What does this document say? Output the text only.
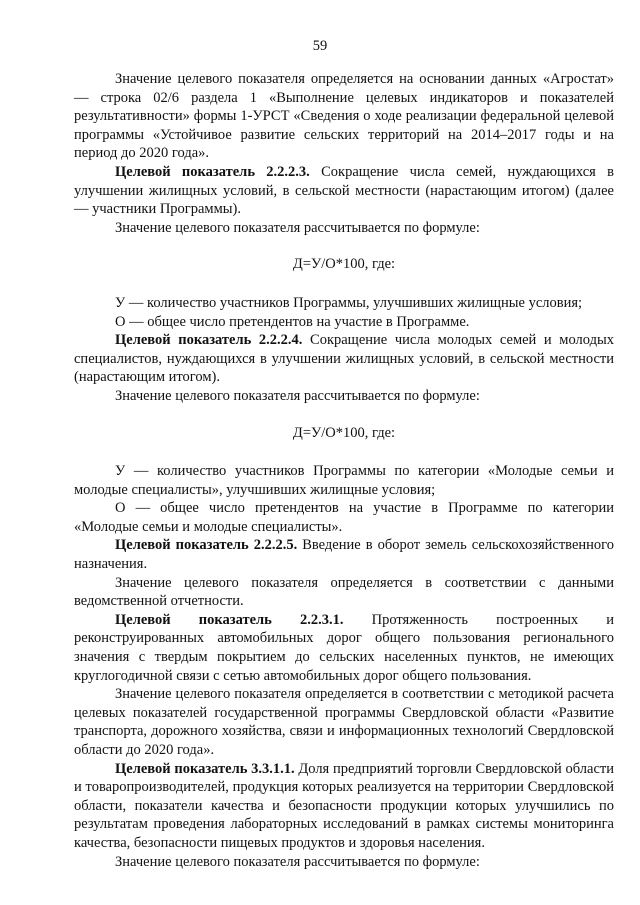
59

Значение целевого показателя определяется на основании данных «Агростат» — строка 02/6 раздела 1 «Выполнение целевых индикаторов и показателей результативности» формы 1-УРСТ «Сведения о ходе реализации федеральной целевой программы «Устойчивое развитие сельских территорий на 2014–2017 годы и на период до 2020 года».

Целевой показатель 2.2.2.3. Сокращение числа семей, нуждающихся в улучшении жилищных условий, в сельской местности (нарастающим итогом) (далее — участники Программы).

Значение целевого показателя рассчитывается по формуле:

Д=У/О*100, где:

У — количество участников Программы, улучшивших жилищные условия;

О — общее число претендентов на участие в Программе.

Целевой показатель 2.2.2.4. Сокращение числа молодых семей и молодых специалистов, нуждающихся в улучшении жилищных условий, в сельской местности (нарастающим итогом).

Значение целевого показателя рассчитывается по формуле:

Д=У/О*100, где:

У — количество участников Программы по категории «Молодые семьи и молодые специалисты», улучшивших жилищные условия;

О — общее число претендентов на участие в Программе по категории «Молодые семьи и молодые специалисты».

Целевой показатель 2.2.2.5. Введение в оборот земель сельскохозяйственного назначения.

Значение целевого показателя определяется в соответствии с данными ведомственной отчетности.

Целевой показатель 2.2.3.1. Протяженность построенных и реконструированных автомобильных дорог общего пользования регионального значения с твердым покрытием до сельских населенных пунктов, не имеющих круглогодичной связи с сетью автомобильных дорог общего пользования.

Значение целевого показателя определяется в соответствии с методикой расчета целевых показателей государственной программы Свердловской области «Развитие транспорта, дорожного хозяйства, связи и информационных технологий Свердловской области до 2020 года».

Целевой показатель 3.3.1.1. Доля предприятий торговли Свердловской области и товаропроизводителей, продукция которых реализуется на территории Свердловской области, показатели качества и безопасности продукции которых улучшились по результатам проведения лабораторных исследований в рамках системы мониторинга качества, безопасности пищевых продуктов и здоровья населения.

Значение целевого показателя рассчитывается по формуле:
